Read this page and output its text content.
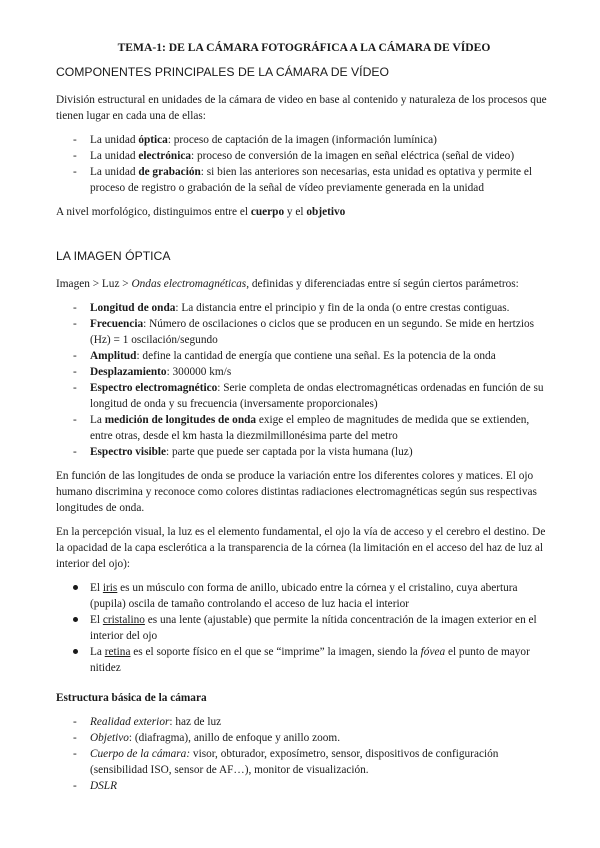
TEMA-1: DE LA CÁMARA FOTOGRÁFICA A LA CÁMARA DE VÍDEO
COMPONENTES PRINCIPALES DE LA CÁMARA DE VÍDEO

División estructural en unidades de la cámara de video en base al contenido y naturaleza de los procesos que tienen lugar en cada una de ellas:

- La unidad óptica: proceso de captación de la imagen (información lumínica)
- La unidad electrónica: proceso de conversión de la imagen en señal eléctrica (señal de video)
- La unidad de grabación: si bien las anteriores son necesarias, esta unidad es optativa y permite el proceso de registro o grabación de la señal de vídeo previamente generada en la unidad

A nivel morfológico, distinguimos entre el cuerpo y el objetivo

LA IMAGEN ÓPTICA

Imagen > Luz > Ondas electromagnéticas, definidas y diferenciadas entre sí según ciertos parámetros:

- Longitud de onda: La distancia entre el principio y fin de la onda (o entre crestas contiguas.
- Frecuencia: Número de oscilaciones o ciclos que se producen en un segundo. Se mide en hertzios (Hz) = 1 oscilación/segundo
- Amplitud: define la cantidad de energía que contiene una señal. Es la potencia de la onda
- Desplazamiento: 300000 km/s
- Espectro electromagnético: Serie completa de ondas electromagnéticas ordenadas en función de su longitud de onda y su frecuencia (inversamente proporcionales)
- La medición de longitudes de onda exige el empleo de magnitudes de medida que se extienden, entre otras, desde el km hasta la diezmilmillonésima parte del metro
- Espectro visible: parte que puede ser captada por la vista humana (luz)

En función de las longitudes de onda se produce la variación entre los diferentes colores y matices. El ojo humano discrimina y reconoce como colores distintas radiaciones electromagnéticas según sus respectivas longitudes de onda.

En la percepción visual, la luz es el elemento fundamental, el ojo la vía de acceso y el cerebro el destino. De la opacidad de la capa esclerótica a la transparencia de la córnea (la limitación en el acceso del haz de luz al interior del ojo):

El iris es un músculo con forma de anillo, ubicado entre la córnea y el cristalino, cuya abertura (pupila) oscila de tamaño controlando el acceso de luz hacia el interior
El cristalino es una lente (ajustable) que permite la nítida concentración de la imagen exterior en el interior del ojo
La retina es el soporte físico en el que se “imprime” la imagen, siendo la fóvea el punto de mayor nitidez
Estructura básica de la cámara
- Realidad exterior: haz de luz
- Objetivo: (diafragma), anillo de enfoque y anillo zoom.
- Cuerpo de la cámara: visor, obturador, exposímetro, sensor, dispositivos de configuración (sensibilidad ISO, sensor de AF…), monitor de visualización.
- DSLR
